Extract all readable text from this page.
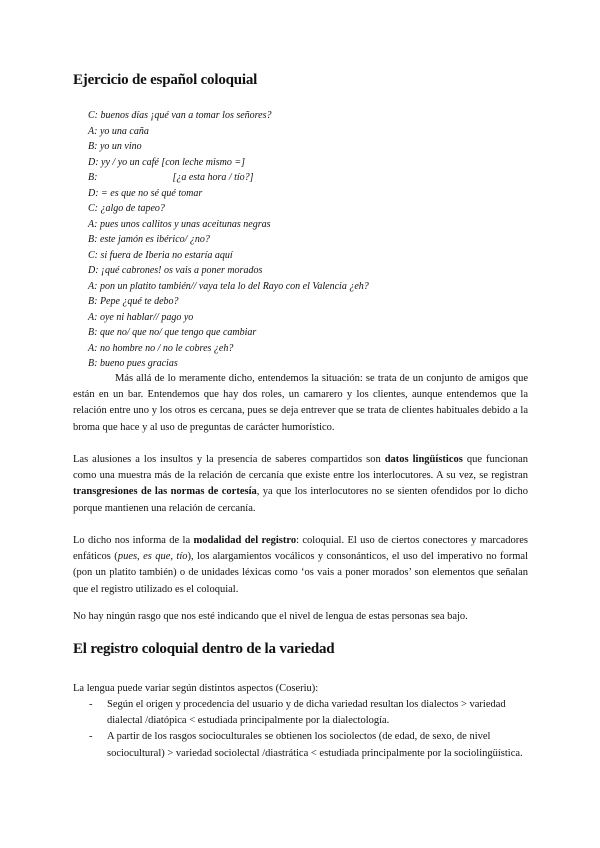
Ejercicio de español coloquial
C: buenos días ¡qué van a tomar los señores?
A: yo una caña
B: yo un vino
D: yy / yo un café [con leche mismo =]
B:                              [¿a esta hora / tío?]
D: = es que no sé qué tomar
C: ¿algo de tapeo?
A: pues unos callitos y unas aceitunas negras
B: este jamón es ibérico/ ¿no?
C: si fuera de Iberia no estaría aquí
D: ¡qué cabrones! os vais a poner morados
A: pon un platito también// vaya tela lo del Rayo con el Valencia ¿eh?
B: Pepe ¿qué te debo?
A: oye ni hablar// pago yo
B: que no/ que no/ que tengo que cambiar
A: no hombre no / no le cobres ¿eh?
B: bueno pues gracias

Más allá de lo meramente dicho, entendemos la situación: se trata de un conjunto de amigos que están en un bar. Entendemos que hay dos roles, un camarero y los clientes, aunque entendemos que la relación entre uno y los otros es cercana, pues se deja entrever que se trata de clientes habituales debido a la broma que hace y al uso de preguntas de carácter humorístico.

Las alusiones a los insultos y la presencia de saberes compartidos son datos lingüísticos que funcionan como una muestra más de la relación de cercanía que existe entre los interlocutores. A su vez, se registran transgresiones de las normas de cortesía, ya que los interlocutores no se sienten ofendidos por lo dicho porque mantienen una relación de cercanía.

Lo dicho nos informa de la modalidad del registro: coloquial. El uso de ciertos conectores y marcadores enfáticos (pues, es que, tío), los alargamientos vocálicos y consonánticos, el uso del imperativo no formal (pon un platito también) o de unidades léxicas como ‘os vais a poner morados’ son elementos que señalan que el registro utilizado es el coloquial.

No hay ningún rasgo que nos esté indicando que el nivel de lengua de estas personas sea bajo.

El registro coloquial dentro de la variedad

La lengua puede variar según distintos aspectos (Coseriu):

- Según el origen y procedencia del usuario y de dicha variedad resultan los dialectos > variedad dialectal /diatópica < estudiada principalmente por la dialectología.
- A partir de los rasgos socioculturales se obtienen los sociolectos (de edad, de sexo, de nivel sociocultural) > variedad sociolectal /diastrática < estudiada principalmente por la sociolingüística.
